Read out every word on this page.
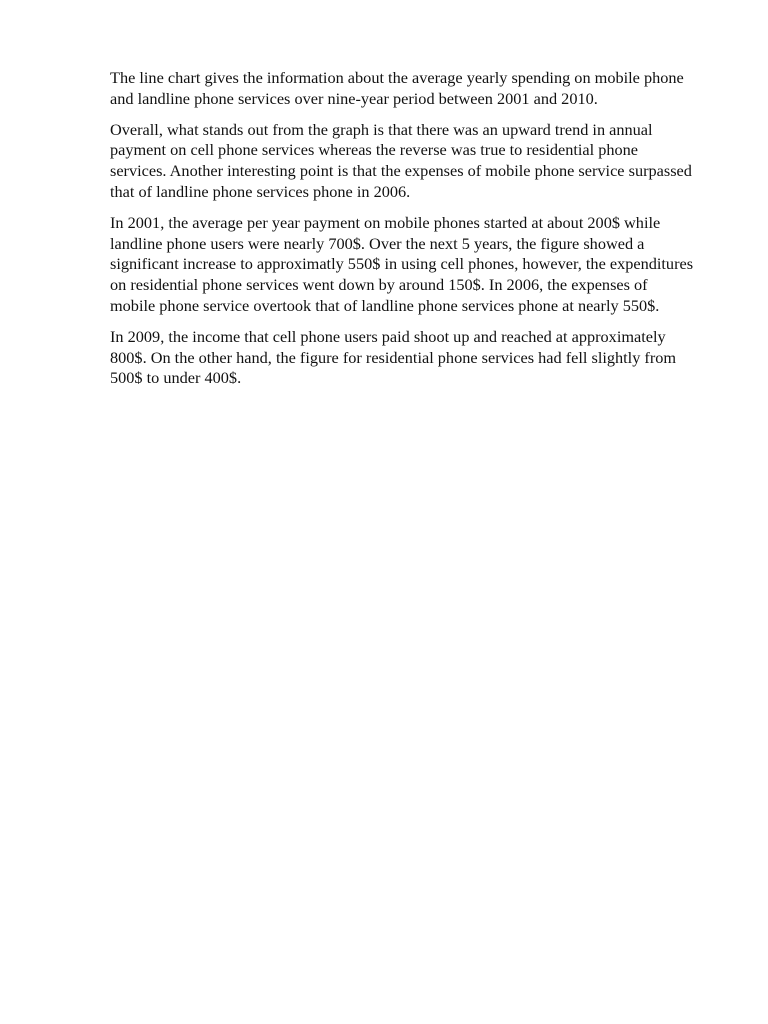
The line chart gives the information about the average yearly spending on mobile phone and landline phone services over nine-year period between 2001 and 2010.

Overall, what stands out from the graph is that there was an upward trend in annual payment on cell phone services whereas the reverse was true to residential phone services. Another interesting point is that the expenses of mobile phone service surpassed that of landline phone services phone in 2006.

In 2001, the average per year payment on mobile phones started at about 200$ while landline phone users were nearly 700$. Over the next 5 years, the figure showed a significant increase to approximatly 550$ in using cell phones, however, the expenditures on residential phone services went down by around 150$. In 2006, the expenses of mobile phone service overtook that of landline phone services phone at nearly 550$.

In 2009, the income that cell phone users paid shoot up and reached at approximately 800$. On the other hand, the figure for residential phone services had fell slightly from 500$ to under 400$.
